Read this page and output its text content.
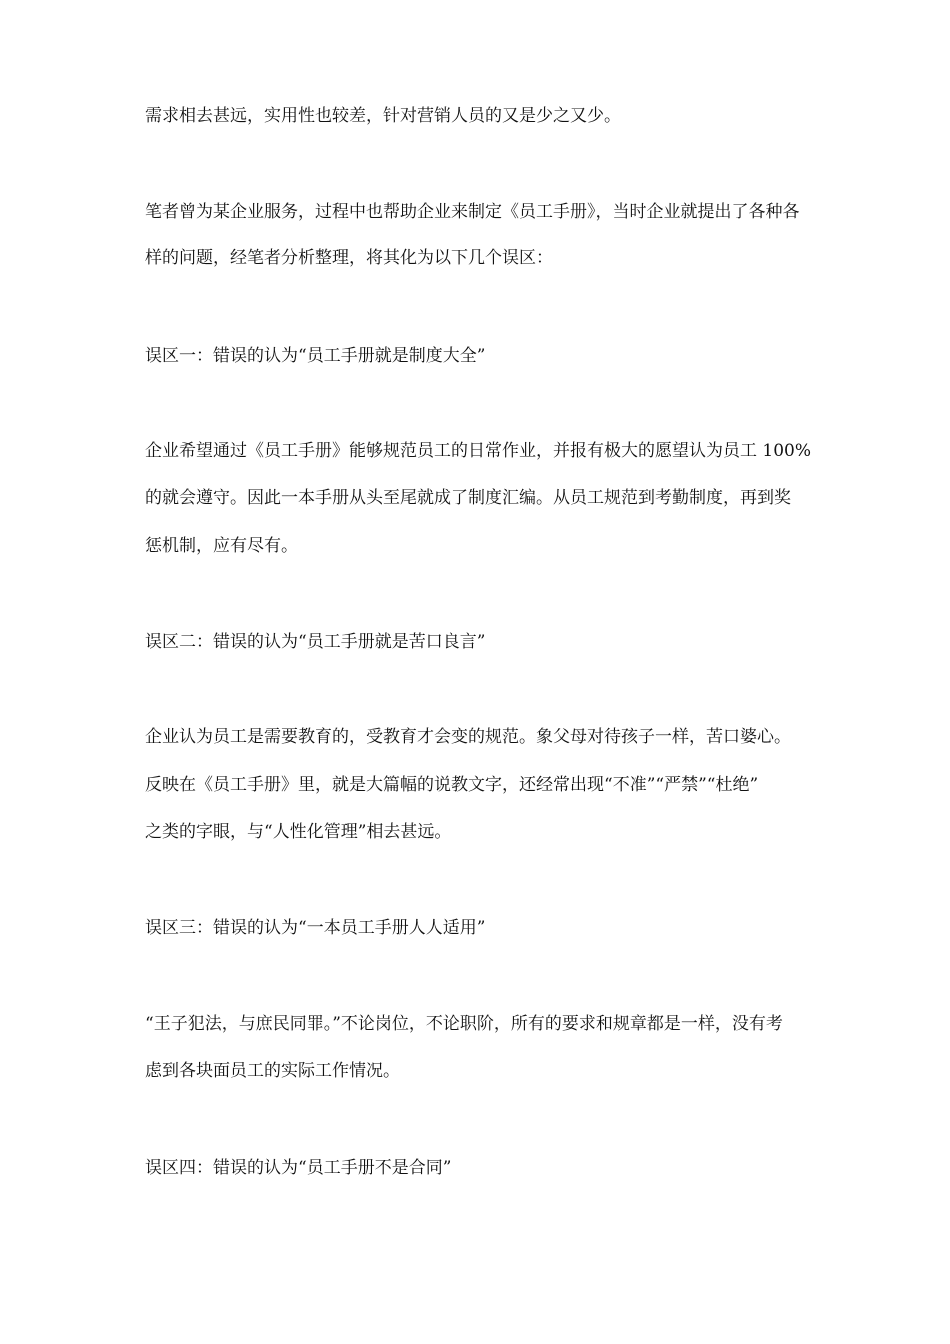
需求相去甚远，实用性也较差，针对营销人员的又是少之又少。
笔者曾为某企业服务，过程中也帮助企业来制定《员工手册》，当时企业就提出了各种各
样的问题，经笔者分析整理，将其化为以下几个误区：
误区一：错误的认为“员工手册就是制度大全”
企业希望通过《员工手册》能够规范员工的日常作业，并报有极大的愿望认为员工 100%
的就会遵守。因此一本手册从头至尾就成了制度汇编。从员工规范到考勤制度，再到奖
惩机制，应有尽有。
误区二：错误的认为“员工手册就是苦口良言”
企业认为员工是需要教育的，受教育才会变的规范。象父母对待孩子一样，苦口婆心。
反映在《员工手册》里，就是大篇幅的说教文字，还经常出现“不准”“严禁”“杜绝”
之类的字眼，与“人性化管理”相去甚远。
误区三：错误的认为“一本员工手册人人适用”
“王子犯法，与庶民同罪。”不论岗位，不论职阶，所有的要求和规章都是一样，没有考
虑到各块面员工的实际工作情况。
误区四：错误的认为“员工手册不是合同”
